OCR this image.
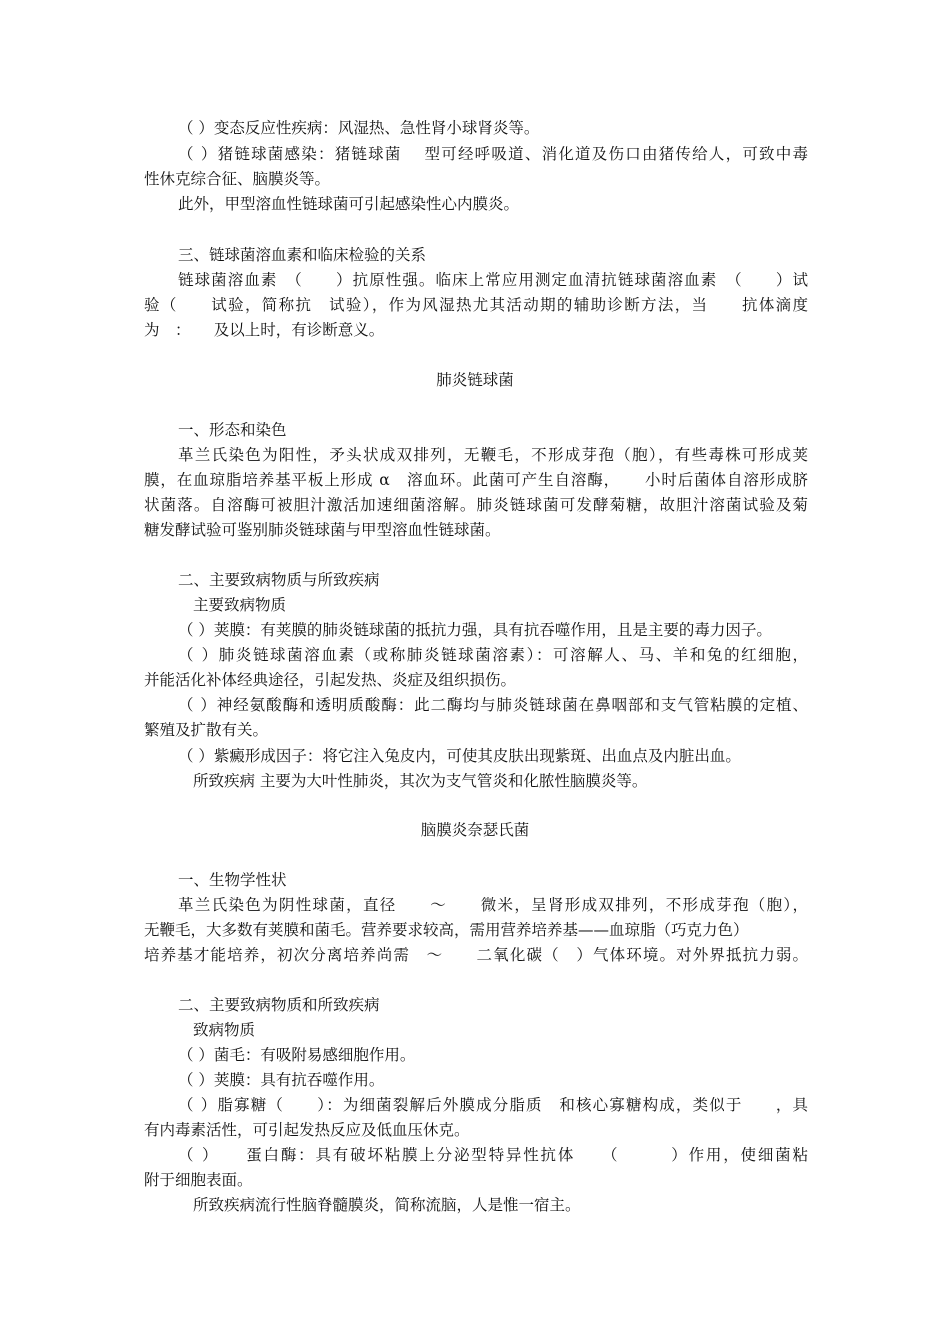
（ ）变态反应性疾病：风湿热、急性肾小球肾炎等。
（ ）猪链球菌感染：猪链球菌　 型可经呼吸道、消化道及伤口由猪传给人，可致中毒
性休克综合征、脑膜炎等。
此外，甲型溶血性链球菌可引起感染性心内膜炎。
三、链球菌溶血素和临床检验的关系
链球菌溶血素　（　　）抗原性强。临床上常应用测定血清抗链球菌溶血素　（　　）试
验（　　试验，简称抗　试验），作为风湿热尤其活动期的辅助诊断方法，当　　抗体滴度
为　：　　及以上时，有诊断意义。
肺炎链球菌
一、形态和染色
革兰氏染色为阳性，矛头状成双排列，无鞭毛，不形成芽孢（胞），有些毒株可形成荚
膜，在血琼脂培养基平板上形成 α　溶血环。此菌可产生自溶酶，　　小时后菌体自溶形成脐
状菌落。自溶酶可被胆汁激活加速细菌溶解。肺炎链球菌可发酵菊糖，故胆汁溶菌试验及菊
糖发酵试验可鉴别肺炎链球菌与甲型溶血性链球菌。
二、主要致病物质与所致疾病
主要致病物质
（ ）荚膜：有荚膜的肺炎链球菌的抵抗力强，具有抗吞噬作用，且是主要的毒力因子。
（ ）肺炎链球菌溶血素（或称肺炎链球菌溶素）：可溶解人、马、羊和兔的红细胞，
并能活化补体经典途径，引起发热、炎症及组织损伤。
（ ）神经氨酸酶和透明质酸酶：此二酶均与肺炎链球菌在鼻咽部和支气管粘膜的定植、
繁殖及扩散有关。
（ ）紫癜形成因子：将它注入兔皮内，可使其皮肤出现紫斑、出血点及内脏出血。
所致疾病 主要为大叶性肺炎，其次为支气管炎和化脓性脑膜炎等。
脑膜炎奈瑟氏菌
一、生物学性状
革兰氏染色为阴性球菌，直径　　～　　微米，呈肾形成双排列，不形成芽孢（胞），
无鞭毛，大多数有荚膜和菌毛。营养要求较高，需用营养培养基——血琼脂（巧克力色）
培养基才能培养，初次分离培养尚需　～　　二氧化碳（　）气体环境。对外界抵抗力弱。
二、主要致病物质和所致疾病
致病物质
（ ）菌毛：有吸附易感细胞作用。
（ ）荚膜：具有抗吞噬作用。
（ ）脂寡糖（　　）：为细菌裂解后外膜成分脂质　和核心寡糖构成，类似于　　，具
有内毒素活性，可引起发热反应及低血压休克。
（ ）　　蛋白酶：具有破坏粘膜上分泌型特异性抗体　　（　　　）作用，使细菌粘
附于细胞表面。
所致疾病流行性脑脊髓膜炎，简称流脑，人是惟一宿主。
